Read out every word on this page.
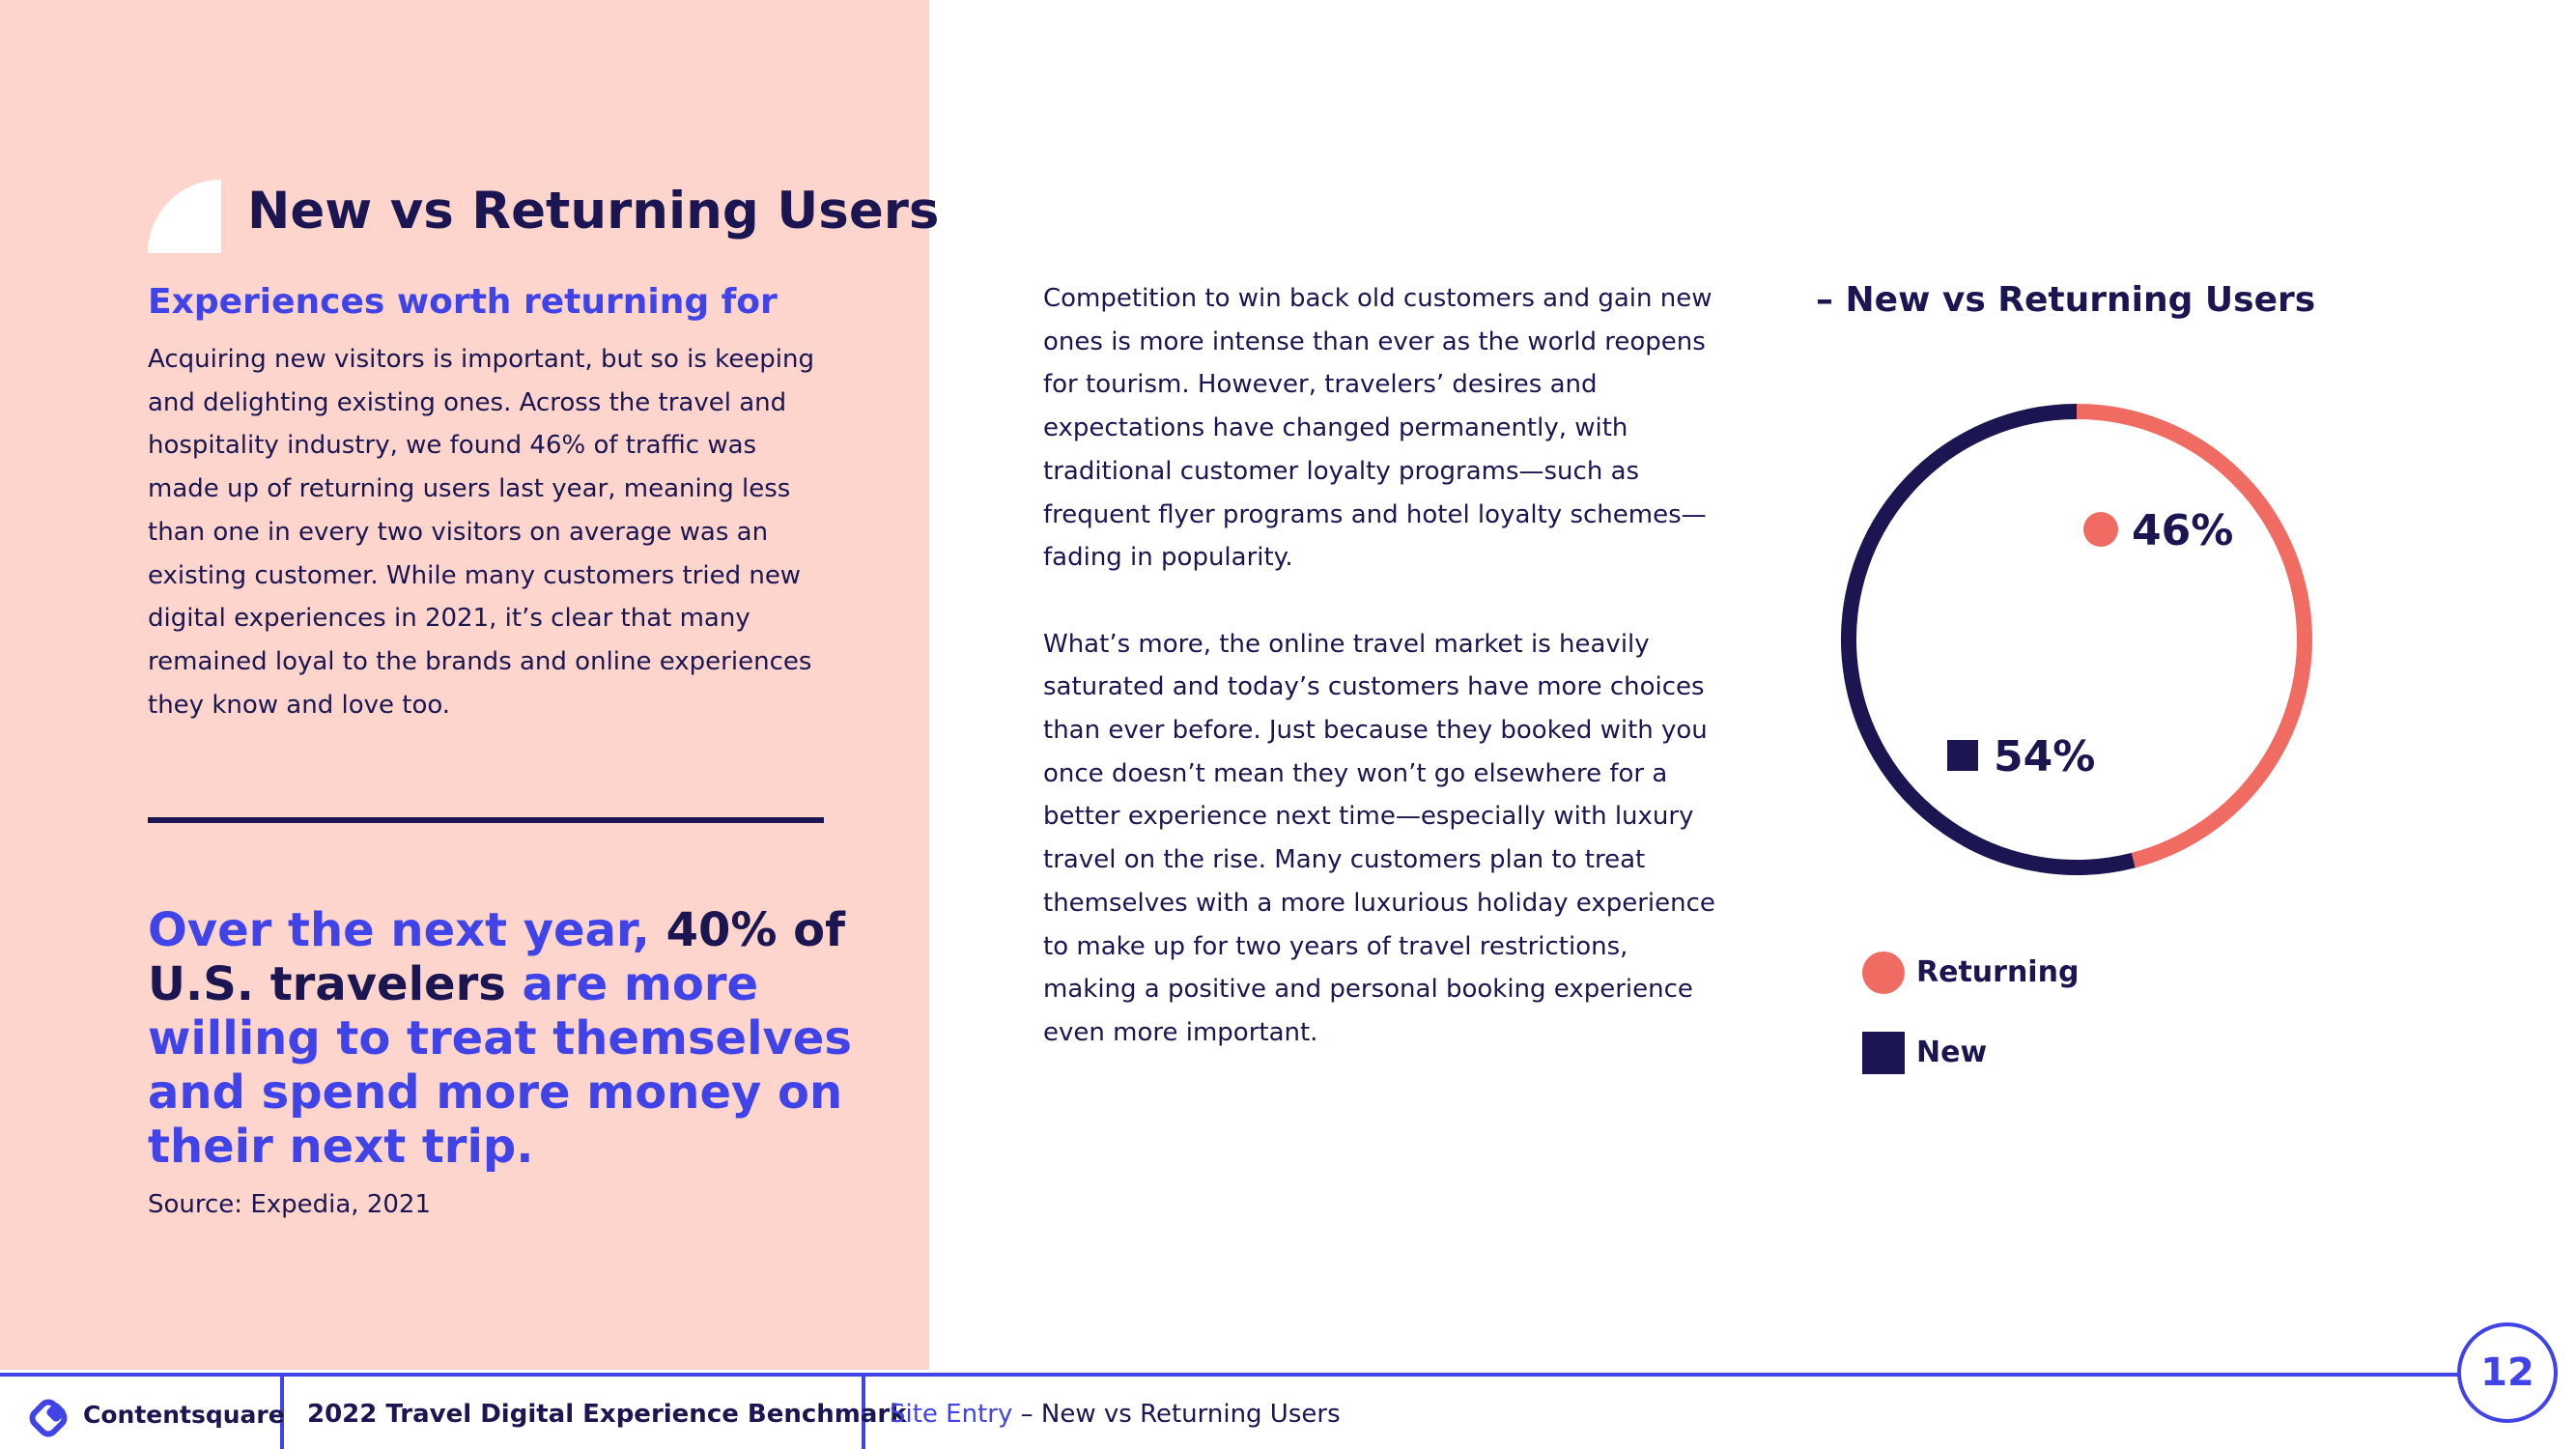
New vs Returning Users
Experiences worth returning for

Acquiring new visitors is important, but so is keeping and delighting existing ones. Across the travel and hospitality industry, we found 46% of traffic was made up of returning users last year, meaning less than one in every two visitors on average was an existing customer. While many customers tried new digital experiences in 2021, it’s clear that many remained loyal to the brands and online experiences they know and love too.

Over the next year, 40% of U.S. travelers are more willing to treat themselves and spend more money on their next trip.

Source: Expedia, 2021

Competition to win back old customers and gain new ones is more intense than ever as the world reopens for tourism. However, travelers’ desires and expectations have changed permanently, with traditional customer loyalty programs—such as frequent flyer programs and hotel loyalty schemes—fading in popularity.

What’s more, the online travel market is heavily saturated and today’s customers have more choices than ever before. Just because they booked with you once doesn’t mean they won’t go elsewhere for a better experience next time—especially with luxury travel on the rise. Many customers plan to treat themselves with a more luxurious holiday experience to make up for two years of travel restrictions, making a positive and personal booking experience even more important.

– New vs Returning Users
46%
54%
Returning
New
Contentsquare 2022 Travel Digital Experience Benchmark
Site Entry – New vs Returning Users
12
